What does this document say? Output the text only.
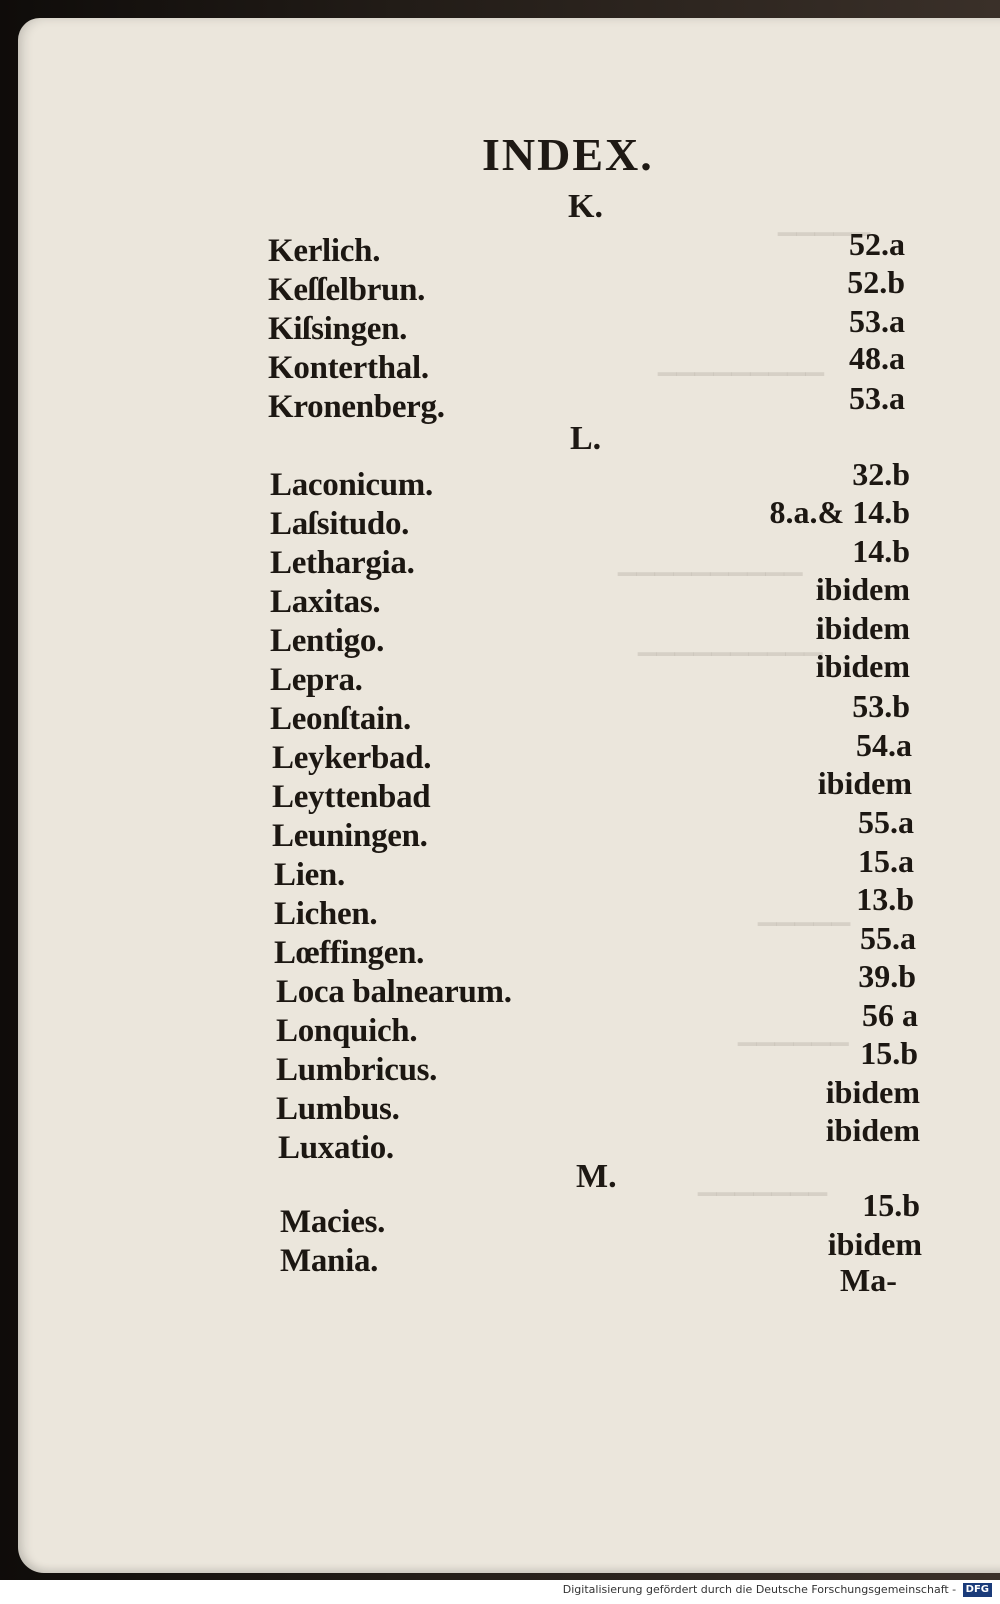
▁▁▁▁▁
▁▁▁▁▁▁▁▁▁
▁▁▁▁▁▁▁▁▁▁
▁▁▁▁▁▁▁▁▁▁
▁▁▁▁▁
▁▁▁▁▁▁
▁▁▁▁▁▁▁
INDEX.
K.
Kerlich.	52.a
Keſſelbrun.	52.b
Kiſsingen.	53.a
Konterthal.	48.a
Kronenberg.	53.a
L.
Laconicum.	32.b
Laſsitudo.	8.a.& 14.b
Lethargia.	14.b
Laxitas.	ibidem
Lentigo.	ibidem
Lepra.	ibidem
Leonſtain.	53.b
Leykerbad.	54.a
Leyttenbad	ibidem
Leuningen.	55.a
Lien.	15.a
Lichen.	13.b
Lœffingen.	55.a
Loca balnearum.	39.b
Lonquich.	56 a
Lumbricus.	15.b
Lumbus.	ibidem
Luxatio.	ibidem
M.
Macies.	15.b
Mania.	ibidem
Ma-
Digitalisierung gefördert durch die Deutsche Forschungsgemeinschaft - DFG
